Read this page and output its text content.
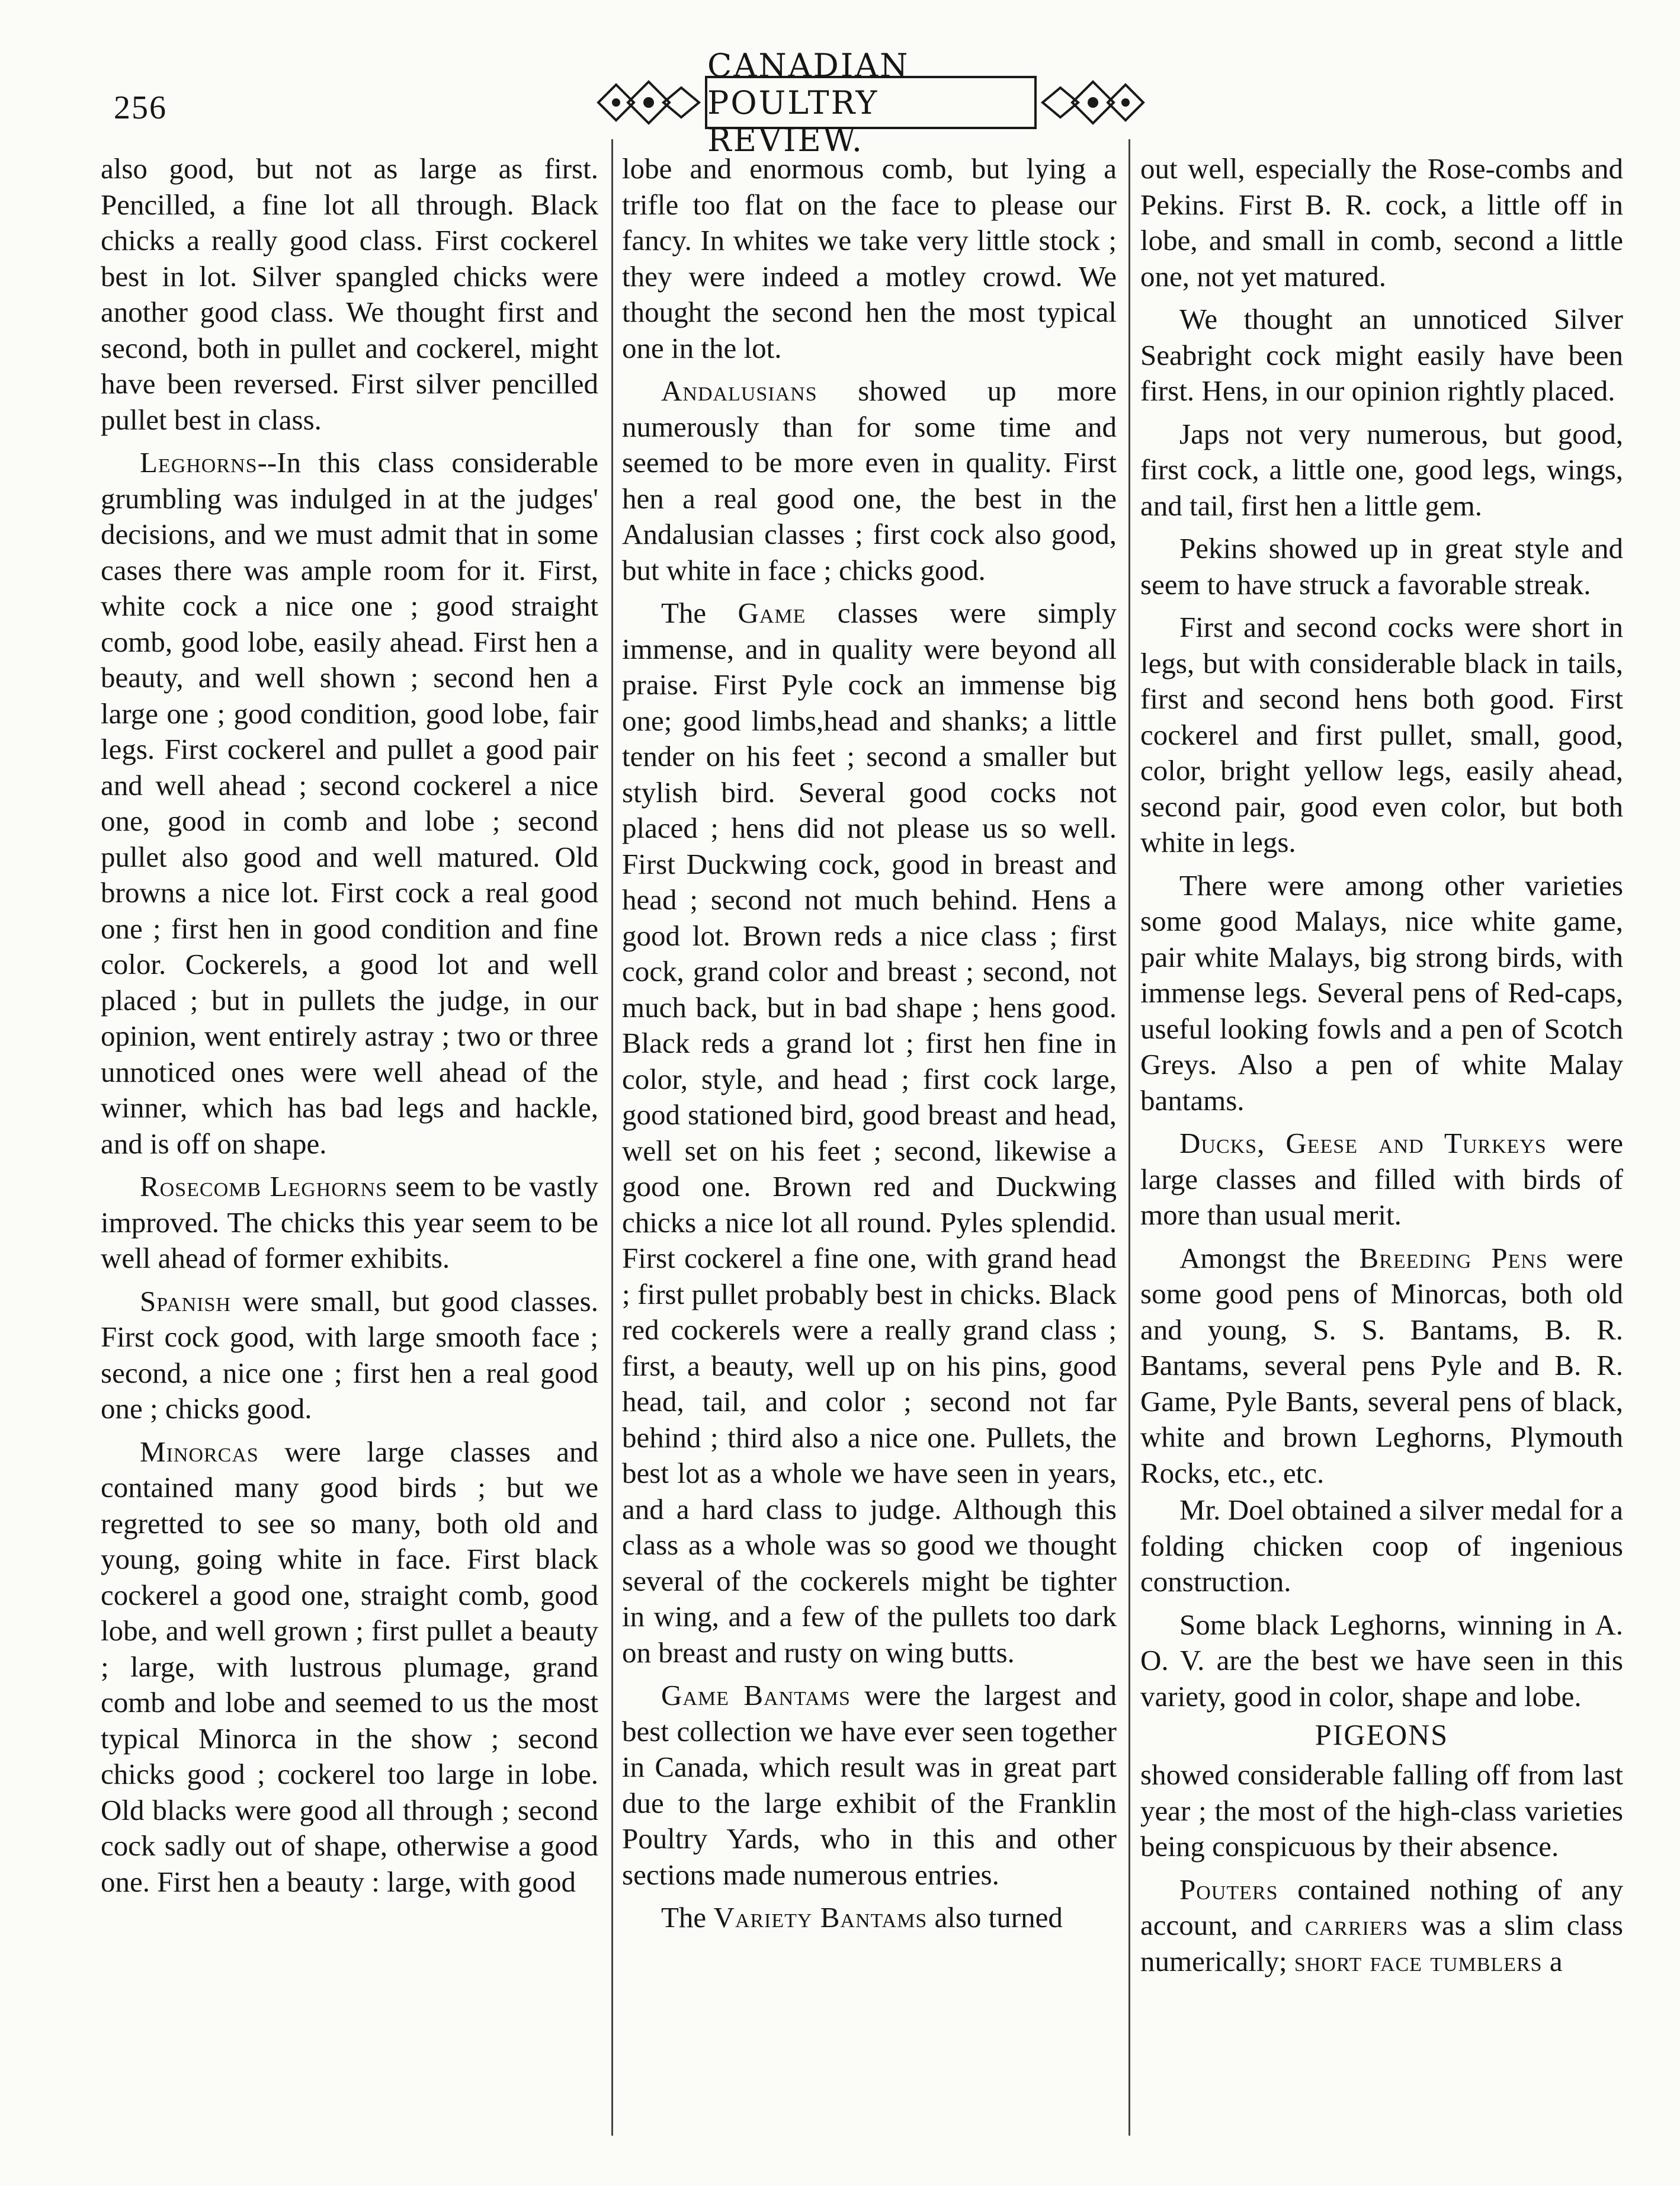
256
CANADIAN POULTRY REVIEW.

also good, but not as large as first. Pencilled, a fine lot all through. Black chicks a really good class. First cockerel best in lot. Silver spangled chicks were another good class. We thought first and second, both in pullet and cockerel, might have been reversed. First silver pencilled pullet best in class.

Leghorns--In this class considerable grumbling was indulged in at the judges' decisions, and we must admit that in some cases there was ample room for it. First, white cock a nice one ; good straight comb, good lobe, easily ahead. First hen a beauty, and well shown ; second hen a large one ; good condition, good lobe, fair legs. First cockerel and pullet a good pair and well ahead ; second cockerel a nice one, good in comb and lobe ; second pullet also good and well matured. Old browns a nice lot. First cock a real good one ; first hen in good condition and fine color. Cockerels, a good lot and well placed ; but in pullets the judge, in our opinion, went entirely astray ; two or three unnoticed ones were well ahead of the winner, which has bad legs and hackle, and is off on shape.

Rosecomb Leghorns seem to be vastly improved. The chicks this year seem to be well ahead of former exhibits.

Spanish were small, but good classes. First cock good, with large smooth face ; second, a nice one ; first hen a real good one ; chicks good.

Minorcas were large classes and contained many good birds ; but we regretted to see so many, both old and young, going white in face. First black cockerel a good one, straight comb, good lobe, and well grown ; first pullet a beauty ; large, with lustrous plumage, grand comb and lobe and seemed to us the most typical Minorca in the show ; second chicks good ; cockerel too large in lobe. Old blacks were good all through ; second cock sadly out of shape, otherwise a good one. First hen a beauty : large, with good

lobe and enormous comb, but lying a trifle too flat on the face to please our fancy. In whites we take very little stock ; they were indeed a motley crowd. We thought the second hen the most typical one in the lot.

Andalusians showed up more numerously than for some time and seemed to be more even in quality. First hen a real good one, the best in the Andalusian classes ; first cock also good, but white in face ; chicks good.

The Game classes were simply immense, and in quality were beyond all praise. First Pyle cock an immense big one; good limbs,head and shanks; a little tender on his feet ; second a smaller but stylish bird. Several good cocks not placed ; hens did not please us so well. First Duckwing cock, good in breast and head ; second not much behind. Hens a good lot. Brown reds a nice class ; first cock, grand color and breast ; second, not much back, but in bad shape ; hens good. Black reds a grand lot ; first hen fine in color, style, and head ; first cock large, good stationed bird, good breast and head, well set on his feet ; second, likewise a good one. Brown red and Duckwing chicks a nice lot all round. Pyles splendid. First cockerel a fine one, with grand head ; first pullet probably best in chicks. Black red cockerels were a really grand class ; first, a beauty, well up on his pins, good head, tail, and color ; second not far behind ; third also a nice one. Pullets, the best lot as a whole we have seen in years, and a hard class to judge. Although this class as a whole was so good we thought several of the cockerels might be tighter in wing, and a few of the pullets too dark on breast and rusty on wing butts.

Game Bantams were the largest and best collection we have ever seen together in Canada, which result was in great part due to the large exhibit of the Franklin Poultry Yards, who in this and other sections made numerous entries.

The Variety Bantams also turned

out well, especially the Rose-combs and Pekins. First B. R. cock, a little off in lobe, and small in comb, second a little one, not yet matured.

We thought an unnoticed Silver Seabright cock might easily have been first. Hens, in our opinion rightly placed.

Japs not very numerous, but good, first cock, a little one, good legs, wings, and tail, first hen a little gem.

Pekins showed up in great style and seem to have struck a favorable streak.

First and second cocks were short in legs, but with considerable black in tails, first and second hens both good. First cockerel and first pullet, small, good, color, bright yellow legs, easily ahead, second pair, good even color, but both white in legs.

There were among other varieties some good Malays, nice white game, pair white Malays, big strong birds, with immense legs. Several pens of Red-caps, useful looking fowls and a pen of Scotch Greys. Also a pen of white Malay bantams.

Ducks, Geese and Turkeys were large classes and filled with birds of more than usual merit.

Amongst the Breeding Pens were some good pens of Minorcas, both old and young, S. S. Bantams, B. R. Bantams, several pens Pyle and B. R. Game, Pyle Bants, several pens of black, white and brown Leghorns, Plymouth Rocks, etc., etc.

Mr. Doel obtained a silver medal for a folding chicken coop of ingenious construction.

Some black Leghorns, winning in A. O. V. are the best we have seen in this variety, good in color, shape and lobe.

PIGEONS

showed considerable falling off from last year ; the most of the high-class varieties being conspicuous by their absence.

Pouters contained nothing of any account, and carriers was a slim class numerically; short face tumblers a
